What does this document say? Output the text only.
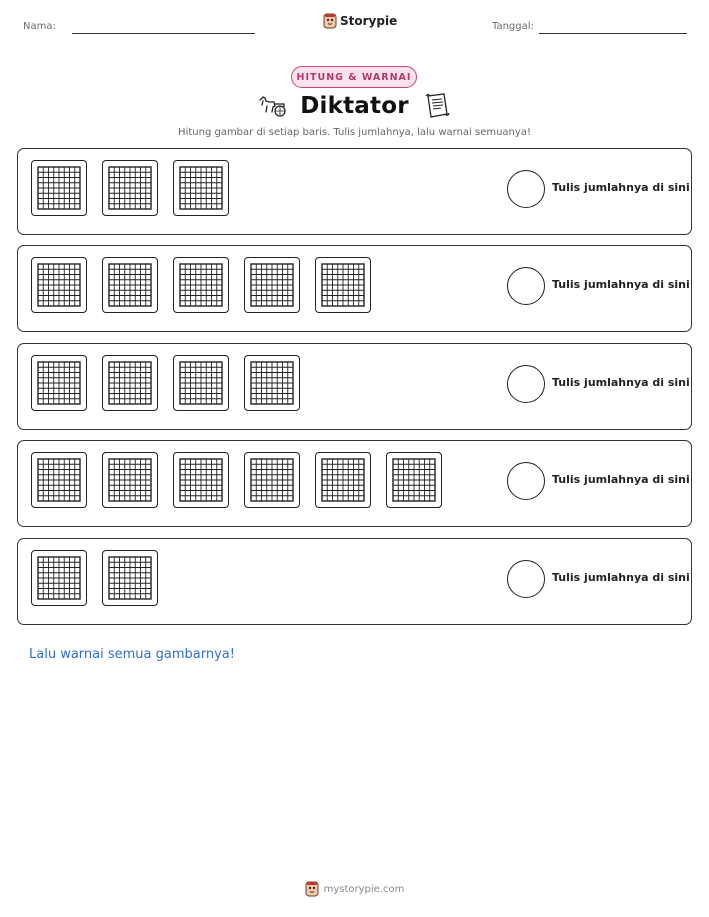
Nama:	Storypie	Tanggal:
HITUNG & WARNAI
Diktator
Hitung gambar di setiap baris. Tulis jumlahnya, lalu warnai semuanya!
Tulis jumlahnya di sini
Tulis jumlahnya di sini
Tulis jumlahnya di sini
Tulis jumlahnya di sini
Tulis jumlahnya di sini
Lalu warnai semua gambarnya!
mystorypie.com
